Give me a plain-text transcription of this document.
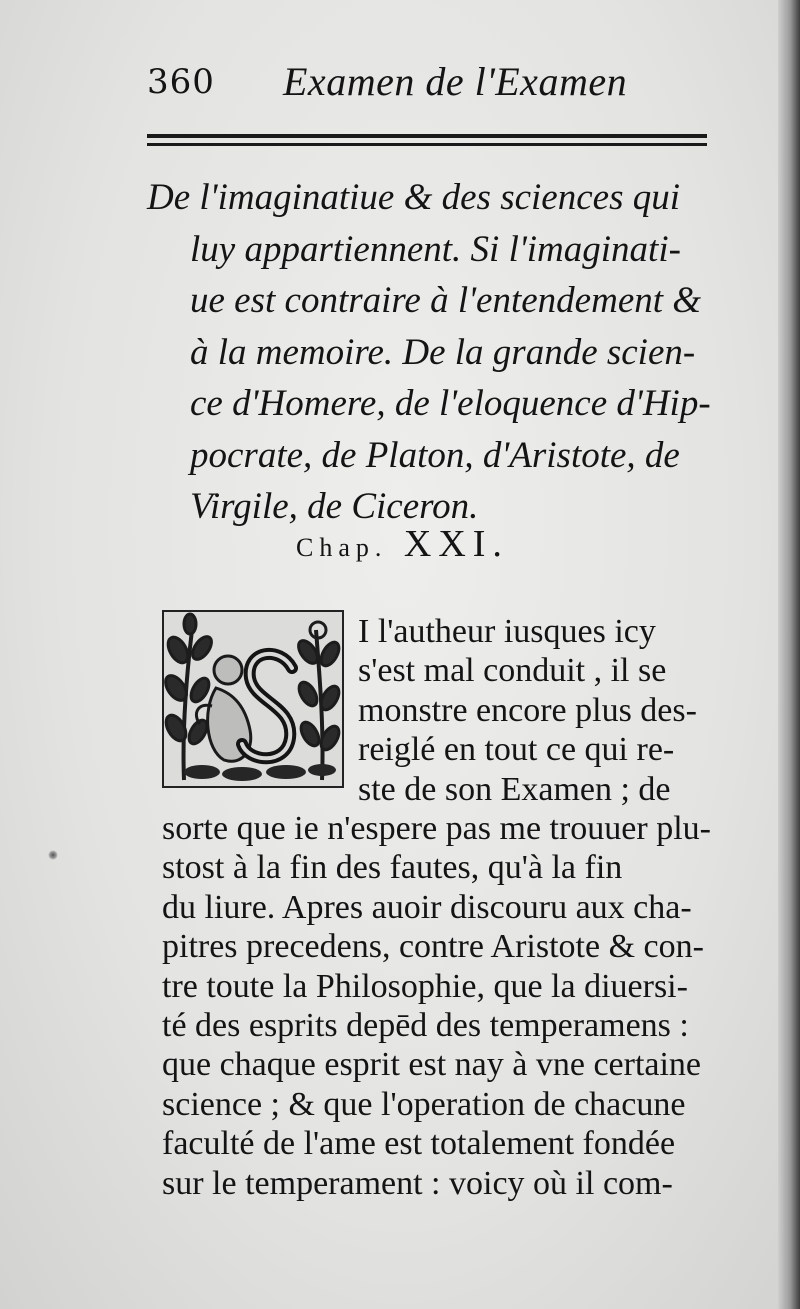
360 Examen de l'Examen
De l'imaginatiue & des sciences qui
luy appartiennent. Si l'imaginati-
ue est contraire à l'entendement &
à la memoire. De la grande scien-
ce d'Homere, de l'eloquence d'Hip-
pocrate, de Platon, d'Aristote, de
Virgile, de Ciceron.
Chap. XXI.
I l'autheur iusques icy
s'est mal conduit , il se
monstre encore plus des-
reiglé en tout ce qui re-
ste de son Examen ; de
sorte que ie n'espere pas me trouuer plu-
stost à la fin des fautes, qu'à la fin
du liure. Apres auoir discouru aux cha-
pitres precedens, contre Aristote & con-
tre toute la Philosophie, que la diuersi-
té des esprits depēd des temperamens :
que chaque esprit est nay à vne certaine
science ; & que l'operation de chacune
faculté de l'ame est totalement fondée
sur le temperament : voicy où il com-
